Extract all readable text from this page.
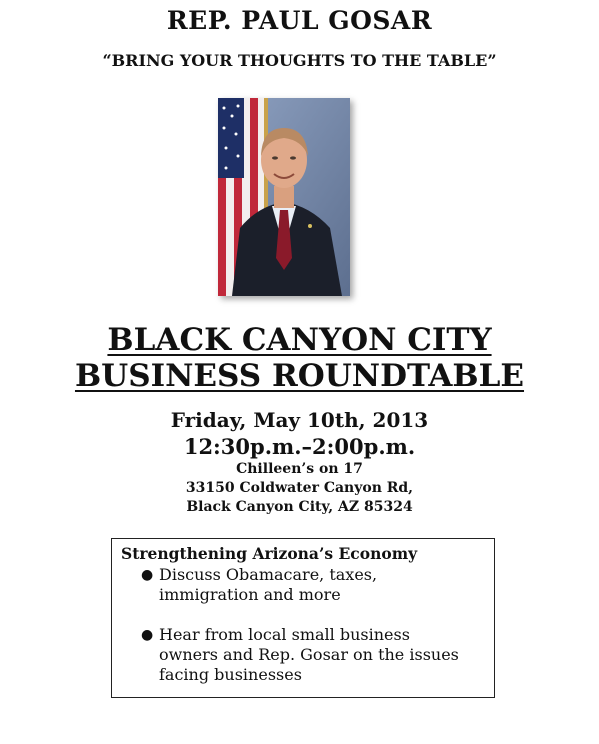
REP. PAUL GOSAR
“BRING YOUR THOUGHTS TO THE TABLE”
BLACK CANYON CITY
BUSINESS ROUNDTABLE
Friday, May 10th, 2013
12:30p.m.–2:00p.m.
Chilleen’s on 17
33150 Coldwater Canyon Rd,
Black Canyon City, AZ 85324
Strengthening Arizona’s Economy
● Discuss Obamacare, taxes,
immigration and more
● Hear from local small business
owners and Rep. Gosar on the issues
facing businesses
